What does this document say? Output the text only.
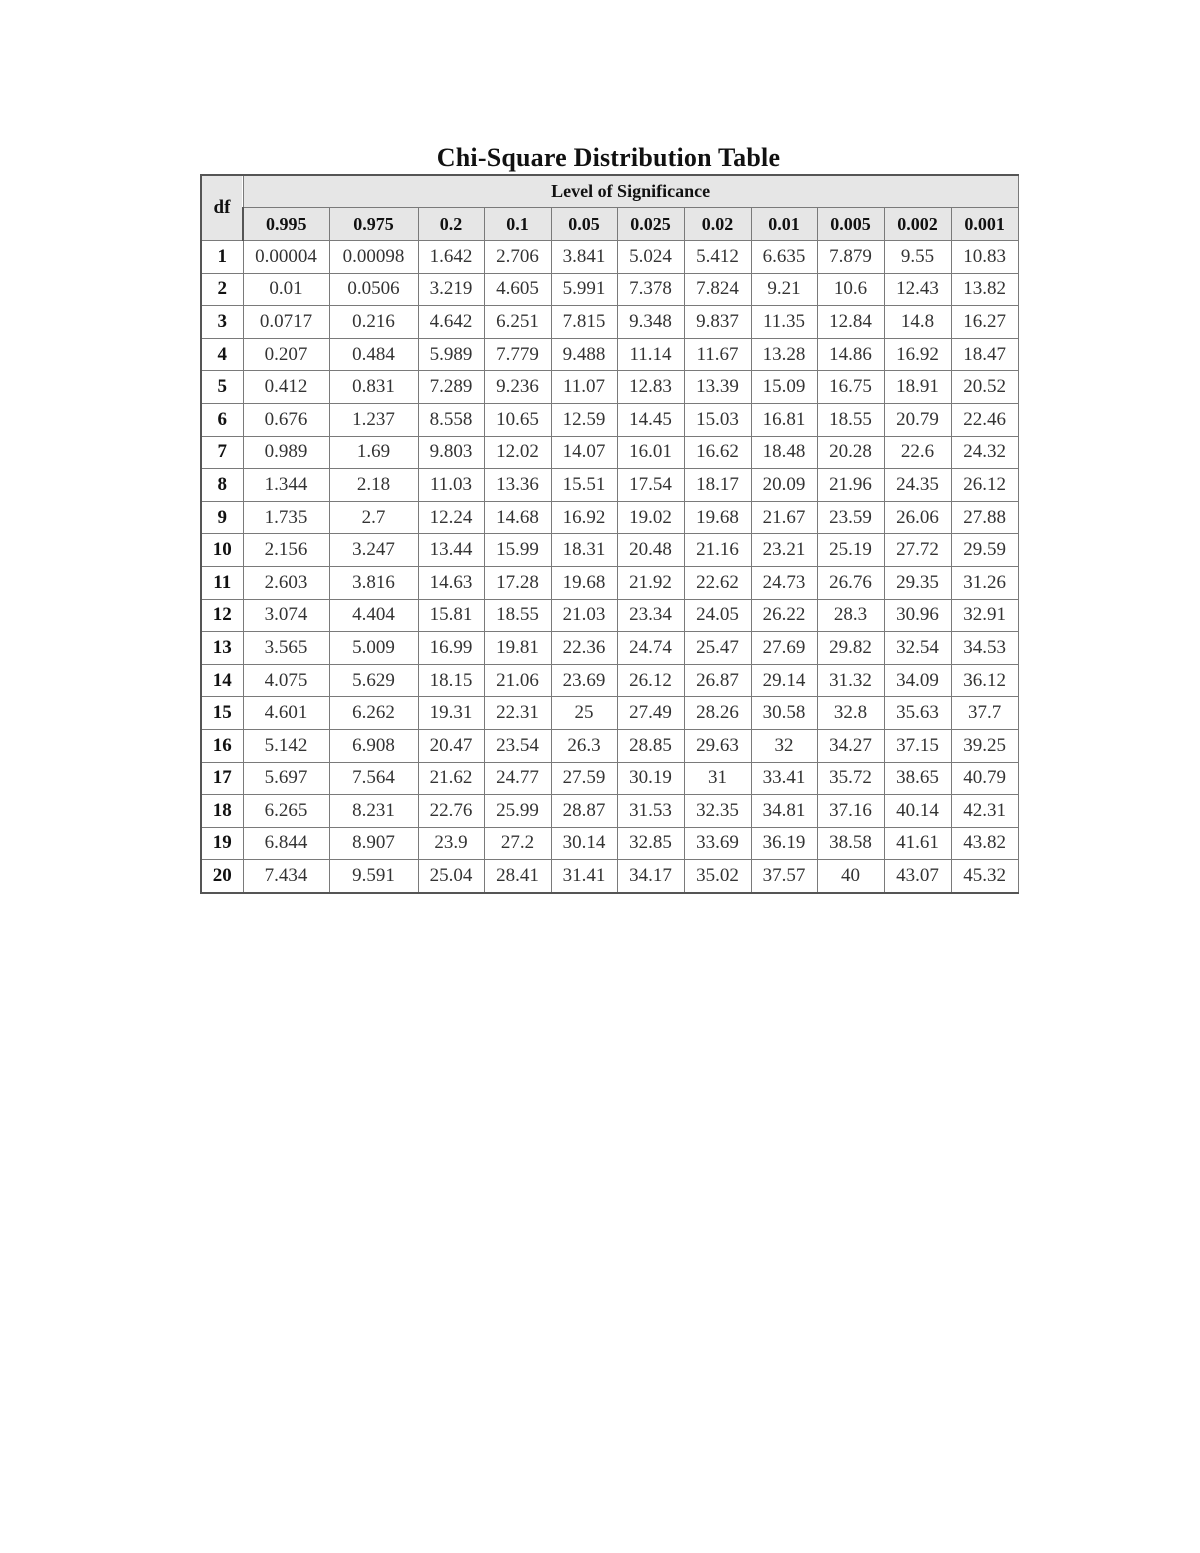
Chi-Square Distribution Table
df	Level of Significance										
	0.995	0.975	0.2	0.1	0.05	0.025	0.02	0.01	0.005	0.002	0.001
1	0.00004	0.00098	1.642	2.706	3.841	5.024	5.412	6.635	7.879	9.55	10.83
2	0.01	0.0506	3.219	4.605	5.991	7.378	7.824	9.21	10.6	12.43	13.82
3	0.0717	0.216	4.642	6.251	7.815	9.348	9.837	11.35	12.84	14.8	16.27
4	0.207	0.484	5.989	7.779	9.488	11.14	11.67	13.28	14.86	16.92	18.47
5	0.412	0.831	7.289	9.236	11.07	12.83	13.39	15.09	16.75	18.91	20.52
6	0.676	1.237	8.558	10.65	12.59	14.45	15.03	16.81	18.55	20.79	22.46
7	0.989	1.69	9.803	12.02	14.07	16.01	16.62	18.48	20.28	22.6	24.32
8	1.344	2.18	11.03	13.36	15.51	17.54	18.17	20.09	21.96	24.35	26.12
9	1.735	2.7	12.24	14.68	16.92	19.02	19.68	21.67	23.59	26.06	27.88
10	2.156	3.247	13.44	15.99	18.31	20.48	21.16	23.21	25.19	27.72	29.59
11	2.603	3.816	14.63	17.28	19.68	21.92	22.62	24.73	26.76	29.35	31.26
12	3.074	4.404	15.81	18.55	21.03	23.34	24.05	26.22	28.3	30.96	32.91
13	3.565	5.009	16.99	19.81	22.36	24.74	25.47	27.69	29.82	32.54	34.53
14	4.075	5.629	18.15	21.06	23.69	26.12	26.87	29.14	31.32	34.09	36.12
15	4.601	6.262	19.31	22.31	25	27.49	28.26	30.58	32.8	35.63	37.7
16	5.142	6.908	20.47	23.54	26.3	28.85	29.63	32	34.27	37.15	39.25
17	5.697	7.564	21.62	24.77	27.59	30.19	31	33.41	35.72	38.65	40.79
18	6.265	8.231	22.76	25.99	28.87	31.53	32.35	34.81	37.16	40.14	42.31
19	6.844	8.907	23.9	27.2	30.14	32.85	33.69	36.19	38.58	41.61	43.82
20	7.434	9.591	25.04	28.41	31.41	34.17	35.02	37.57	40	43.07	45.32
